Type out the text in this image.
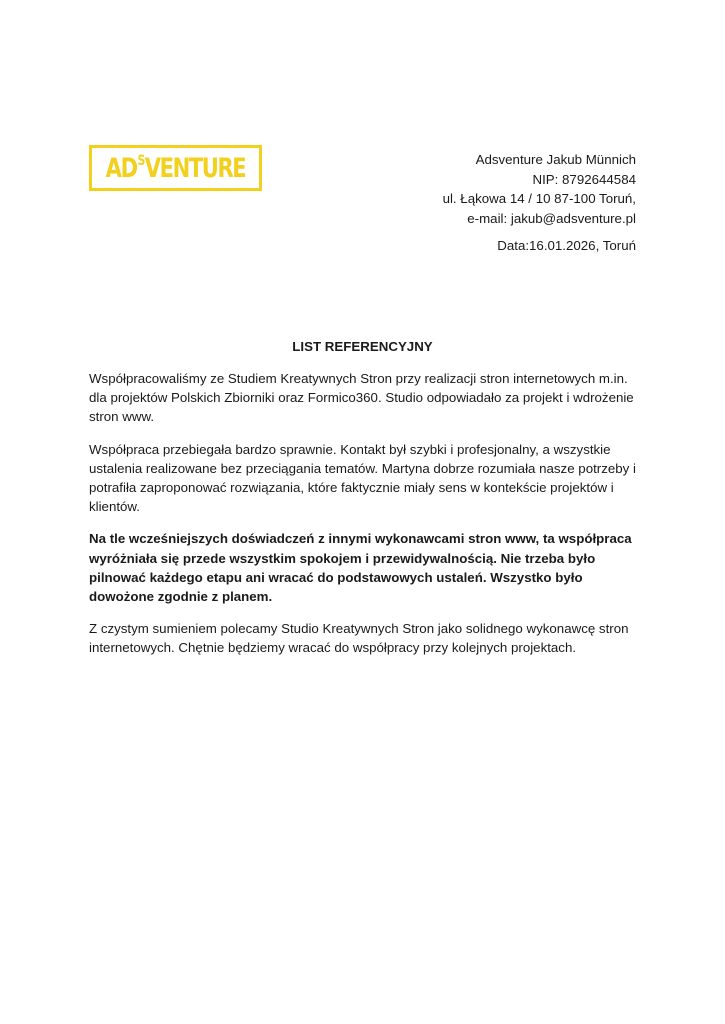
$AD^SVENTURE$	Adsventure Jakub Münnich
NIP: 8792644584
ul. Łąkowa 14 / 10 87-100 Toruń,
e-mail: jakub@adsventure.pl
Data:16.01.2026, Toruń
LIST REFERENCYJNY

Współpracowaliśmy ze Studiem Kreatywnych Stron przy realizacji stron internetowych m.in. dla projektów Polskich Zbiorniki oraz Formico360. Studio odpowiadało za projekt i wdrożenie stron www.

Współpraca przebiegała bardzo sprawnie. Kontakt był szybki i profesjonalny, a wszystkie ustalenia realizowane bez przeciągania tematów. Martyna dobrze rozumiała nasze potrzeby i potrafiła zaproponować rozwiązania, które faktycznie miały sens w kontekście projektów i klientów.

Na tle wcześniejszych doświadczeń z innymi wykonawcami stron www, ta współpraca wyróżniała się przede wszystkim spokojem i przewidywalnością. Nie trzeba było pilnować każdego etapu ani wracać do podstawowych ustaleń. Wszystko było dowożone zgodnie z planem.

Z czystym sumieniem polecamy Studio Kreatywnych Stron jako solidnego wykonawcę stron internetowych. Chętnie będziemy wracać do współpracy przy kolejnych projektach.
